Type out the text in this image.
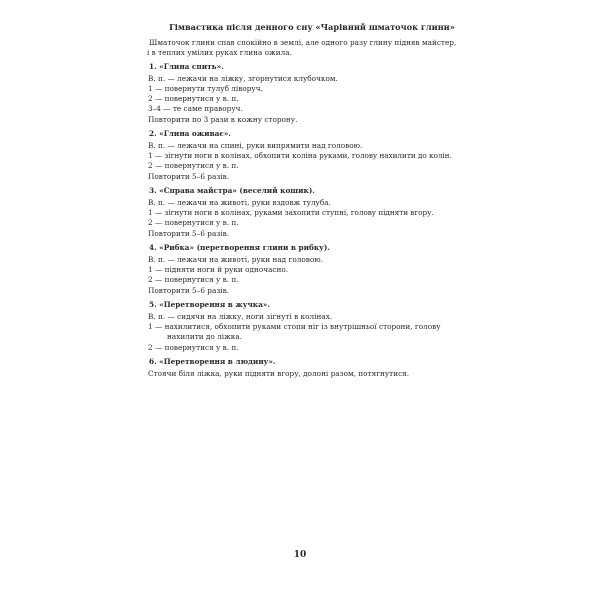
Гімвастика після денного сну «Чарівний шматочок глини»
Шматочок глини спав спокійно в землі, але одного разу глину підняв майстер,
і в теплих умілих руках глина ожила.
1. «Глина спить».
В. п. — лежачи на ліжку, згорнутися клубочком.
1 — повернути тулуб ліворуч.
2 — повернутися у в. п.
3–4 — те саме праворуч.
Повторити по 3 рази в кожну сторону.
2. «Глина оживає».
В. п. — лежачи на спині, руки випрямити над головою.
1 — зігнути ноги в колінах, обхопити коліна руками, голову нахилити до колін.
2 — повернутися у в. п.
Повторити 5–6 разів.
3. «Справа майстра» (веселий кошик).
В. п. — лежачи на животі, руки вздовж тулуба.
1 — зігнути ноги в колінах, руками захопити ступні, голову підняти вгору.
2 — повернутися у в. п.
Повторити 5–6 разів.
4. «Рибка» (перетворення глини в рибку).
В. п. — лежачи на животі, руки над головою.
1 — підняти ноги й руки одночасно.
2 — повернутися у в. п.
Повторити 5–6 разів.
5. «Перетворення в жучка».
В. п. — сидячи на ліжку, ноги зігнуті в колінах.
1 — нахилитися, обхопити руками стопи ніг із внутрішньої сторони, голову нахилити до ліжка.
2 — повернутися у в. п.
6. «Перетворення в людину».
Стоячи біля ліжка, руки підняти вгору, долоні разом, потягнутися.
10
